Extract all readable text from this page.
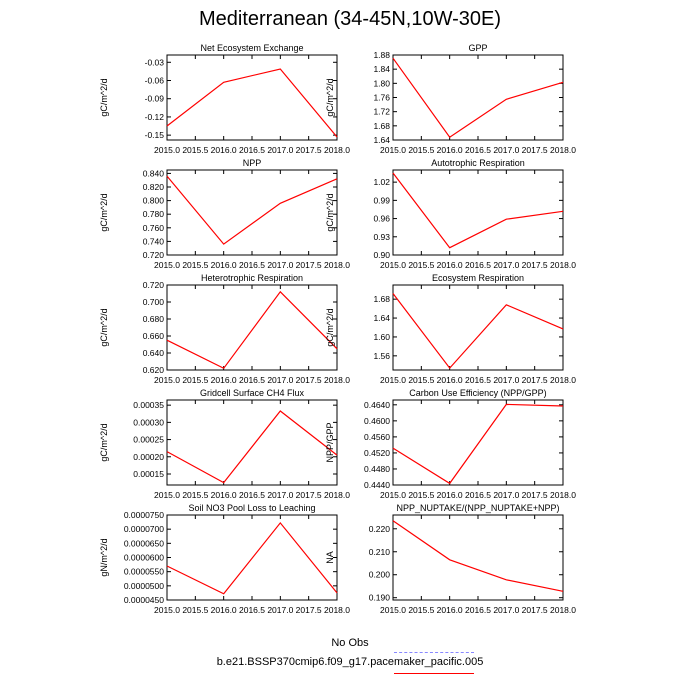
Mediterranean (34-45N,10W-30E)
Net Ecosystem Exchange
gC/m^2/d
-0.03
-0.06
-0.09
-0.12
-0.15
2015.0 2015.5 2016.0 2016.5 2017.0 2017.5 2018.0
GPP
gC/m^2/d
1.88
1.84
1.80
1.76
1.72
1.68
1.64
2015.0 2015.5 2016.0 2016.5 2017.0 2017.5 2018.0
NPP
gC/m^2/d
0.840
0.820
0.800
0.780
0.760
0.740
0.720
2015.0 2015.5 2016.0 2016.5 2017.0 2017.5 2018.0
Autotrophic Respiration
gC/m^2/d
1.02
0.99
0.96
0.93
0.90
2015.0 2015.5 2016.0 2016.5 2017.0 2017.5 2018.0
Heterotrophic Respiration
gC/m^2/d
0.720
0.700
0.680
0.660
0.640
0.620
2015.0 2015.5 2016.0 2016.5 2017.0 2017.5 2018.0
Ecosystem Respiration
gC/m^2/d
1.68
1.64
1.60
1.56
2015.0 2015.5 2016.0 2016.5 2017.0 2017.5 2018.0
Gridcell Surface CH4 Flux
gC/m^2/d
0.00035
0.00030
0.00025
0.00020
0.00015
2015.0 2015.5 2016.0 2016.5 2017.0 2017.5 2018.0
Carbon Use Efficiency (NPP/GPP)
NPP/GPP
0.4640
0.4600
0.4560
0.4520
0.4480
0.4440
2015.0 2015.5 2016.0 2016.5 2017.0 2017.5 2018.0
Soil NO3 Pool Loss to Leaching
gN/m^2/d
0.0000750
0.0000700
0.0000650
0.0000600
0.0000550
0.0000500
0.0000450
2015.0 2015.5 2016.0 2016.5 2017.0 2017.5 2018.0
NPP_NUPTAKE/(NPP_NUPTAKE+NPP)
NA
0.220
0.210
0.200
0.190
2015.0 2015.5 2016.0 2016.5 2017.0 2017.5 2018.0
No Obs
b.e21.BSSP370cmip6.f09_g17.pacemaker_pacific.005
